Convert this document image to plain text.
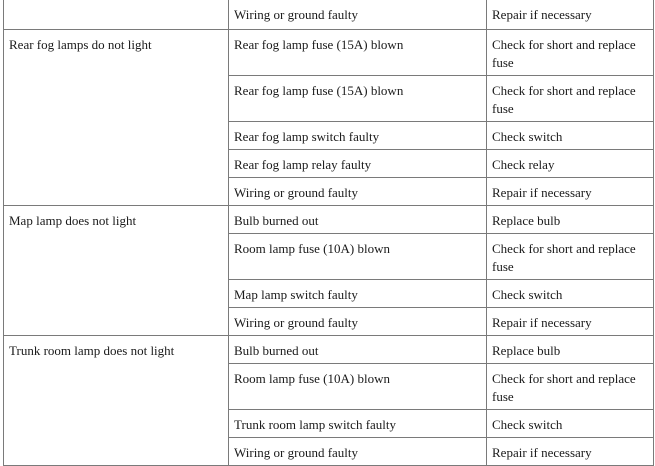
	Wiring or ground faulty	Repair if necessary
Rear fog lamps do not light	Rear fog lamp fuse (15A) blown	Check for short and replace fuse
	Rear fog lamp fuse (15A) blown	Check for short and replace fuse
	Rear fog lamp switch faulty	Check switch
	Rear fog lamp relay faulty	Check relay
	Wiring or ground faulty	Repair if necessary
Map lamp does not light	Bulb burned out	Replace bulb
	Room lamp fuse (10A) blown	Check for short and replace fuse
	Map lamp switch faulty	Check switch
	Wiring or ground faulty	Repair if necessary
Trunk room lamp does not light	Bulb burned out	Replace bulb
	Room lamp fuse (10A) blown	Check for short and replace fuse
	Trunk room lamp switch faulty	Check switch
	Wiring or ground faulty	Repair if necessary
